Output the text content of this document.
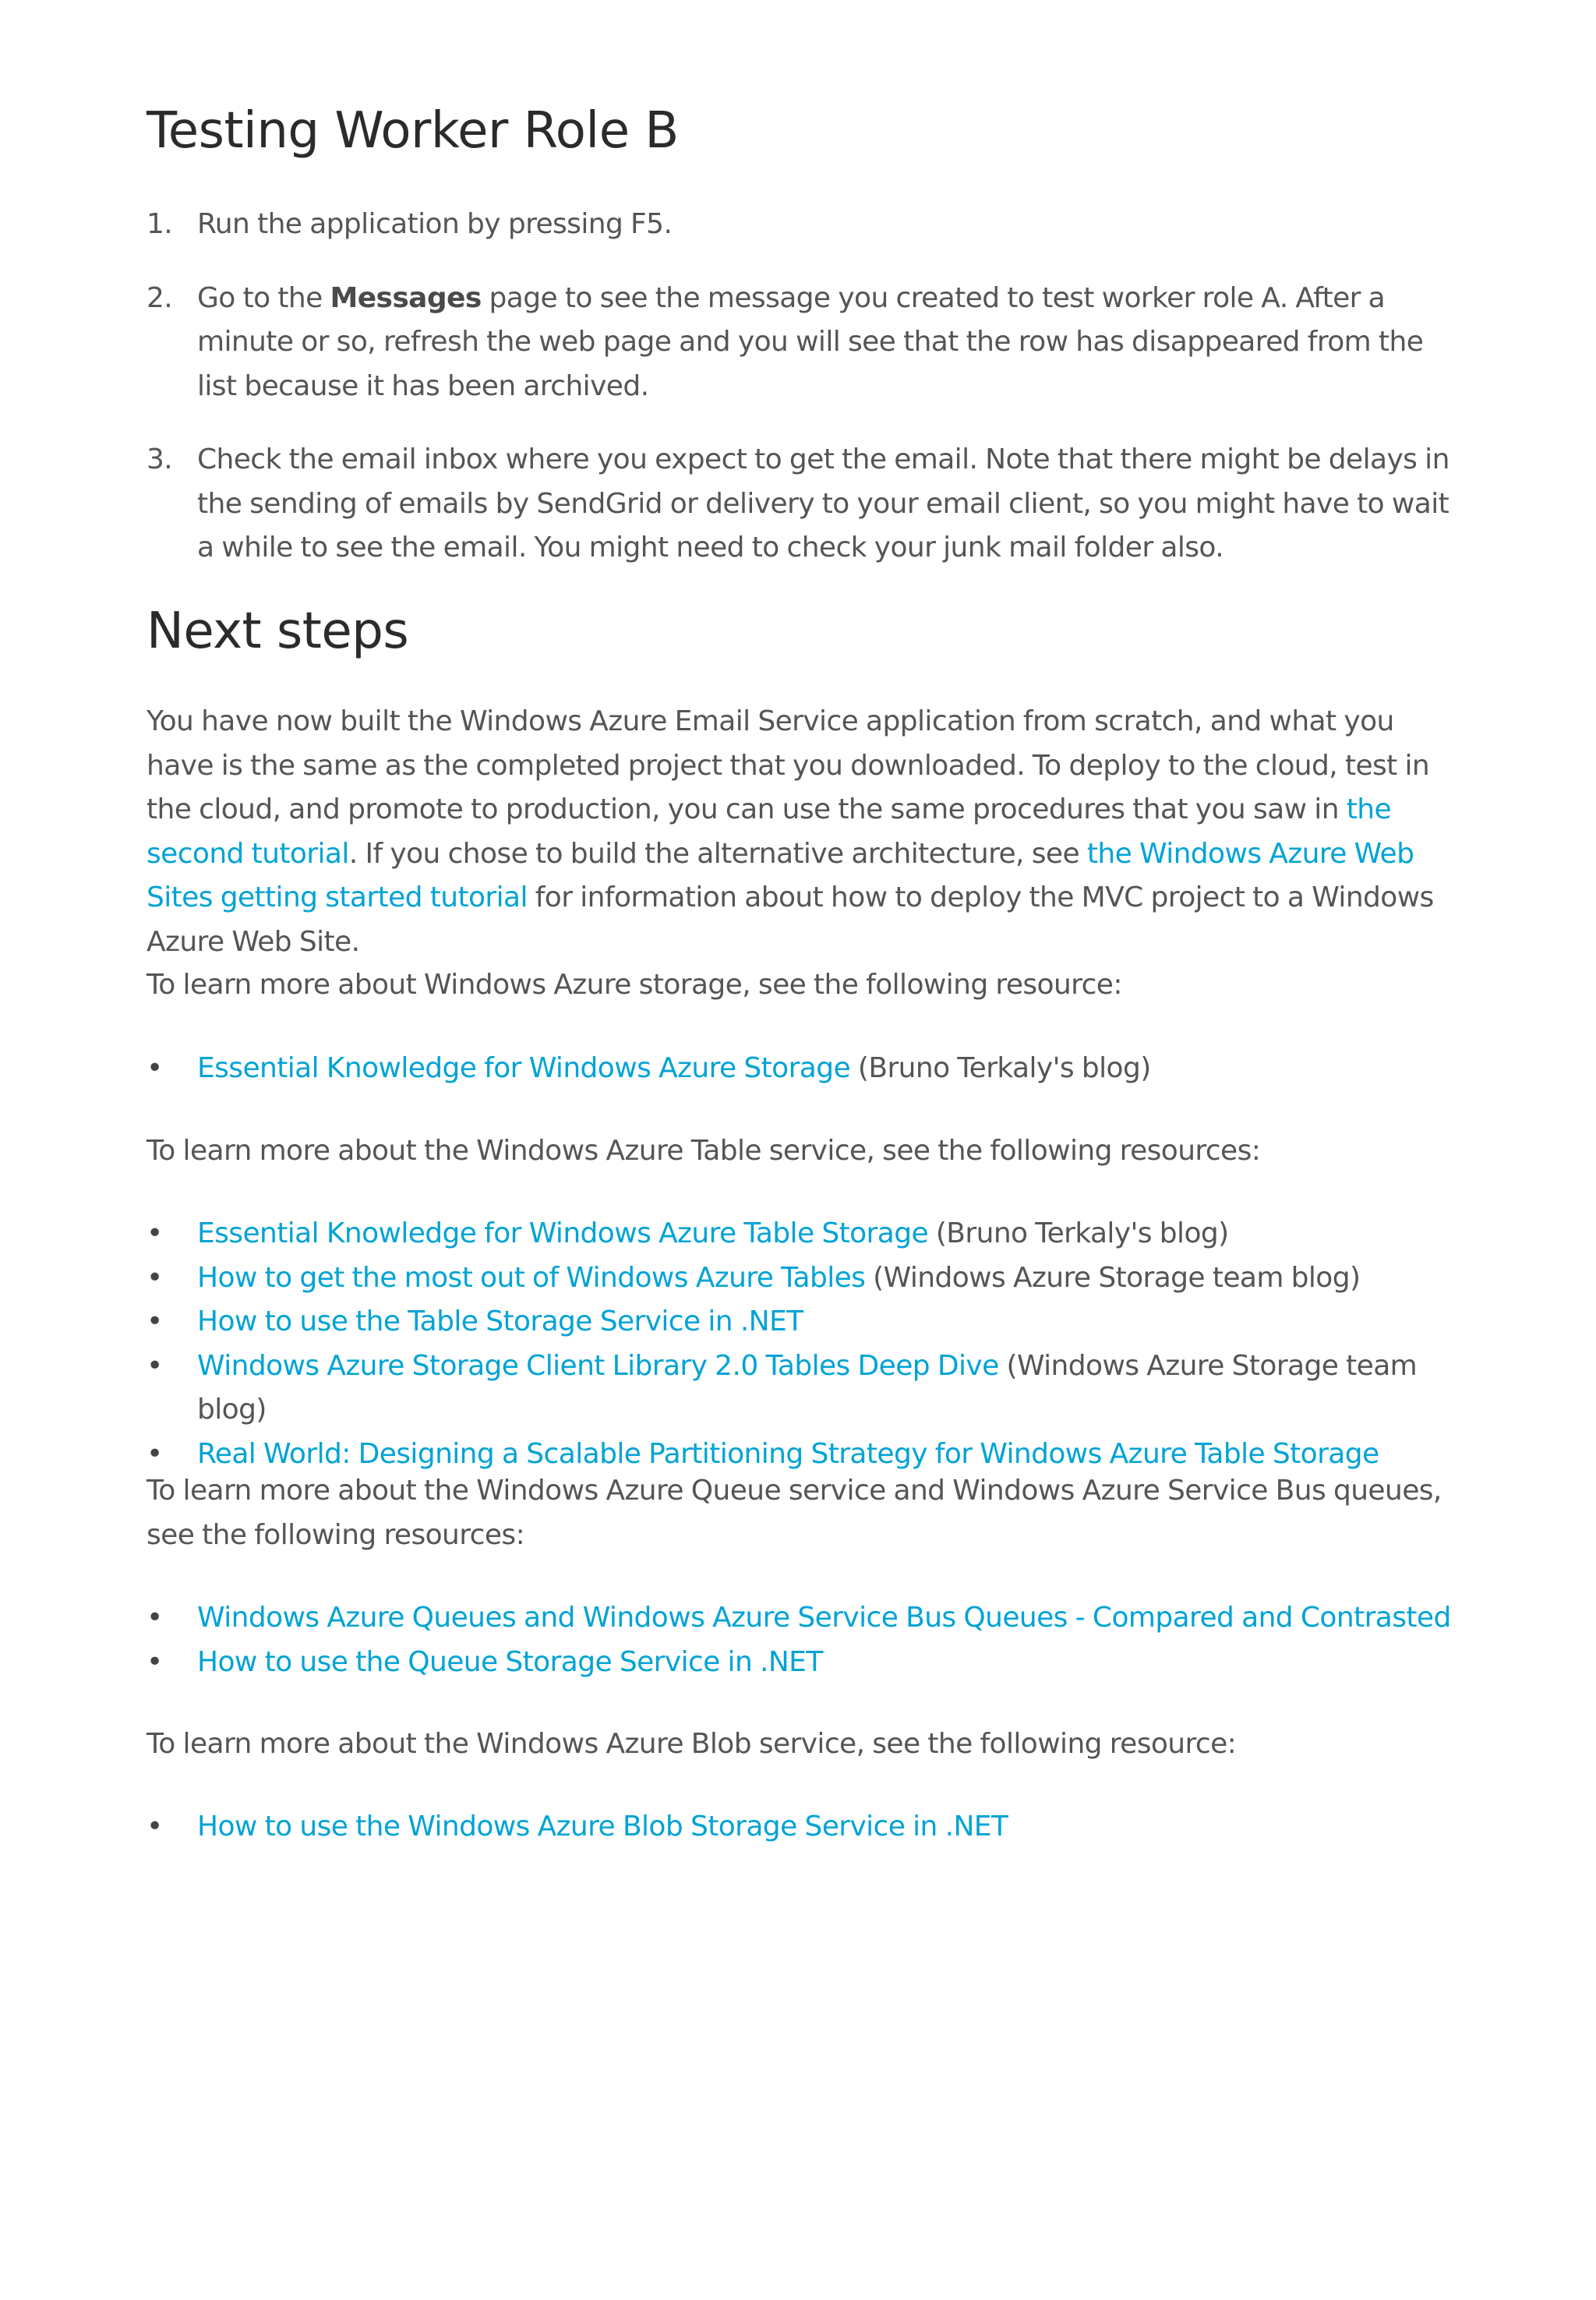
Testing Worker Role B
1. Run the application by pressing F5.
2. Go to the Messages page to see the message you created to test worker role A. After a minute or so, refresh the web page and you will see that the row has disappeared from the list because it has been archived.
3. Check the email inbox where you expect to get the email. Note that there might be delays in the sending of emails by SendGrid or delivery to your email client, so you might have to wait a while to see the email. You might need to check your junk mail folder also.
Next steps

You have now built the Windows Azure Email Service application from scratch, and what you have is the same as the completed project that you downloaded. To deploy to the cloud, test in the cloud, and promote to production, you can use the same procedures that you saw in the second tutorial. If you chose to build the alternative architecture, see the Windows Azure Web Sites getting started tutorial for information about how to deploy the MVC project to a Windows Azure Web Site.

To learn more about Windows Azure storage, see the following resource:

• Essential Knowledge for Windows Azure Storage (Bruno Terkaly's blog)

To learn more about the Windows Azure Table service, see the following resources:

• Essential Knowledge for Windows Azure Table Storage (Bruno Terkaly's blog)
• How to get the most out of Windows Azure Tables (Windows Azure Storage team blog)
• How to use the Table Storage Service in .NET
• Windows Azure Storage Client Library 2.0 Tables Deep Dive (Windows Azure Storage team blog)
• Real World: Designing a Scalable Partitioning Strategy for Windows Azure Table Storage

To learn more about the Windows Azure Queue service and Windows Azure Service Bus queues, see the following resources:

• Windows Azure Queues and Windows Azure Service Bus Queues - Compared and Contrasted
• How to use the Queue Storage Service in .NET

To learn more about the Windows Azure Blob service, see the following resource:

• How to use the Windows Azure Blob Storage Service in .NET
